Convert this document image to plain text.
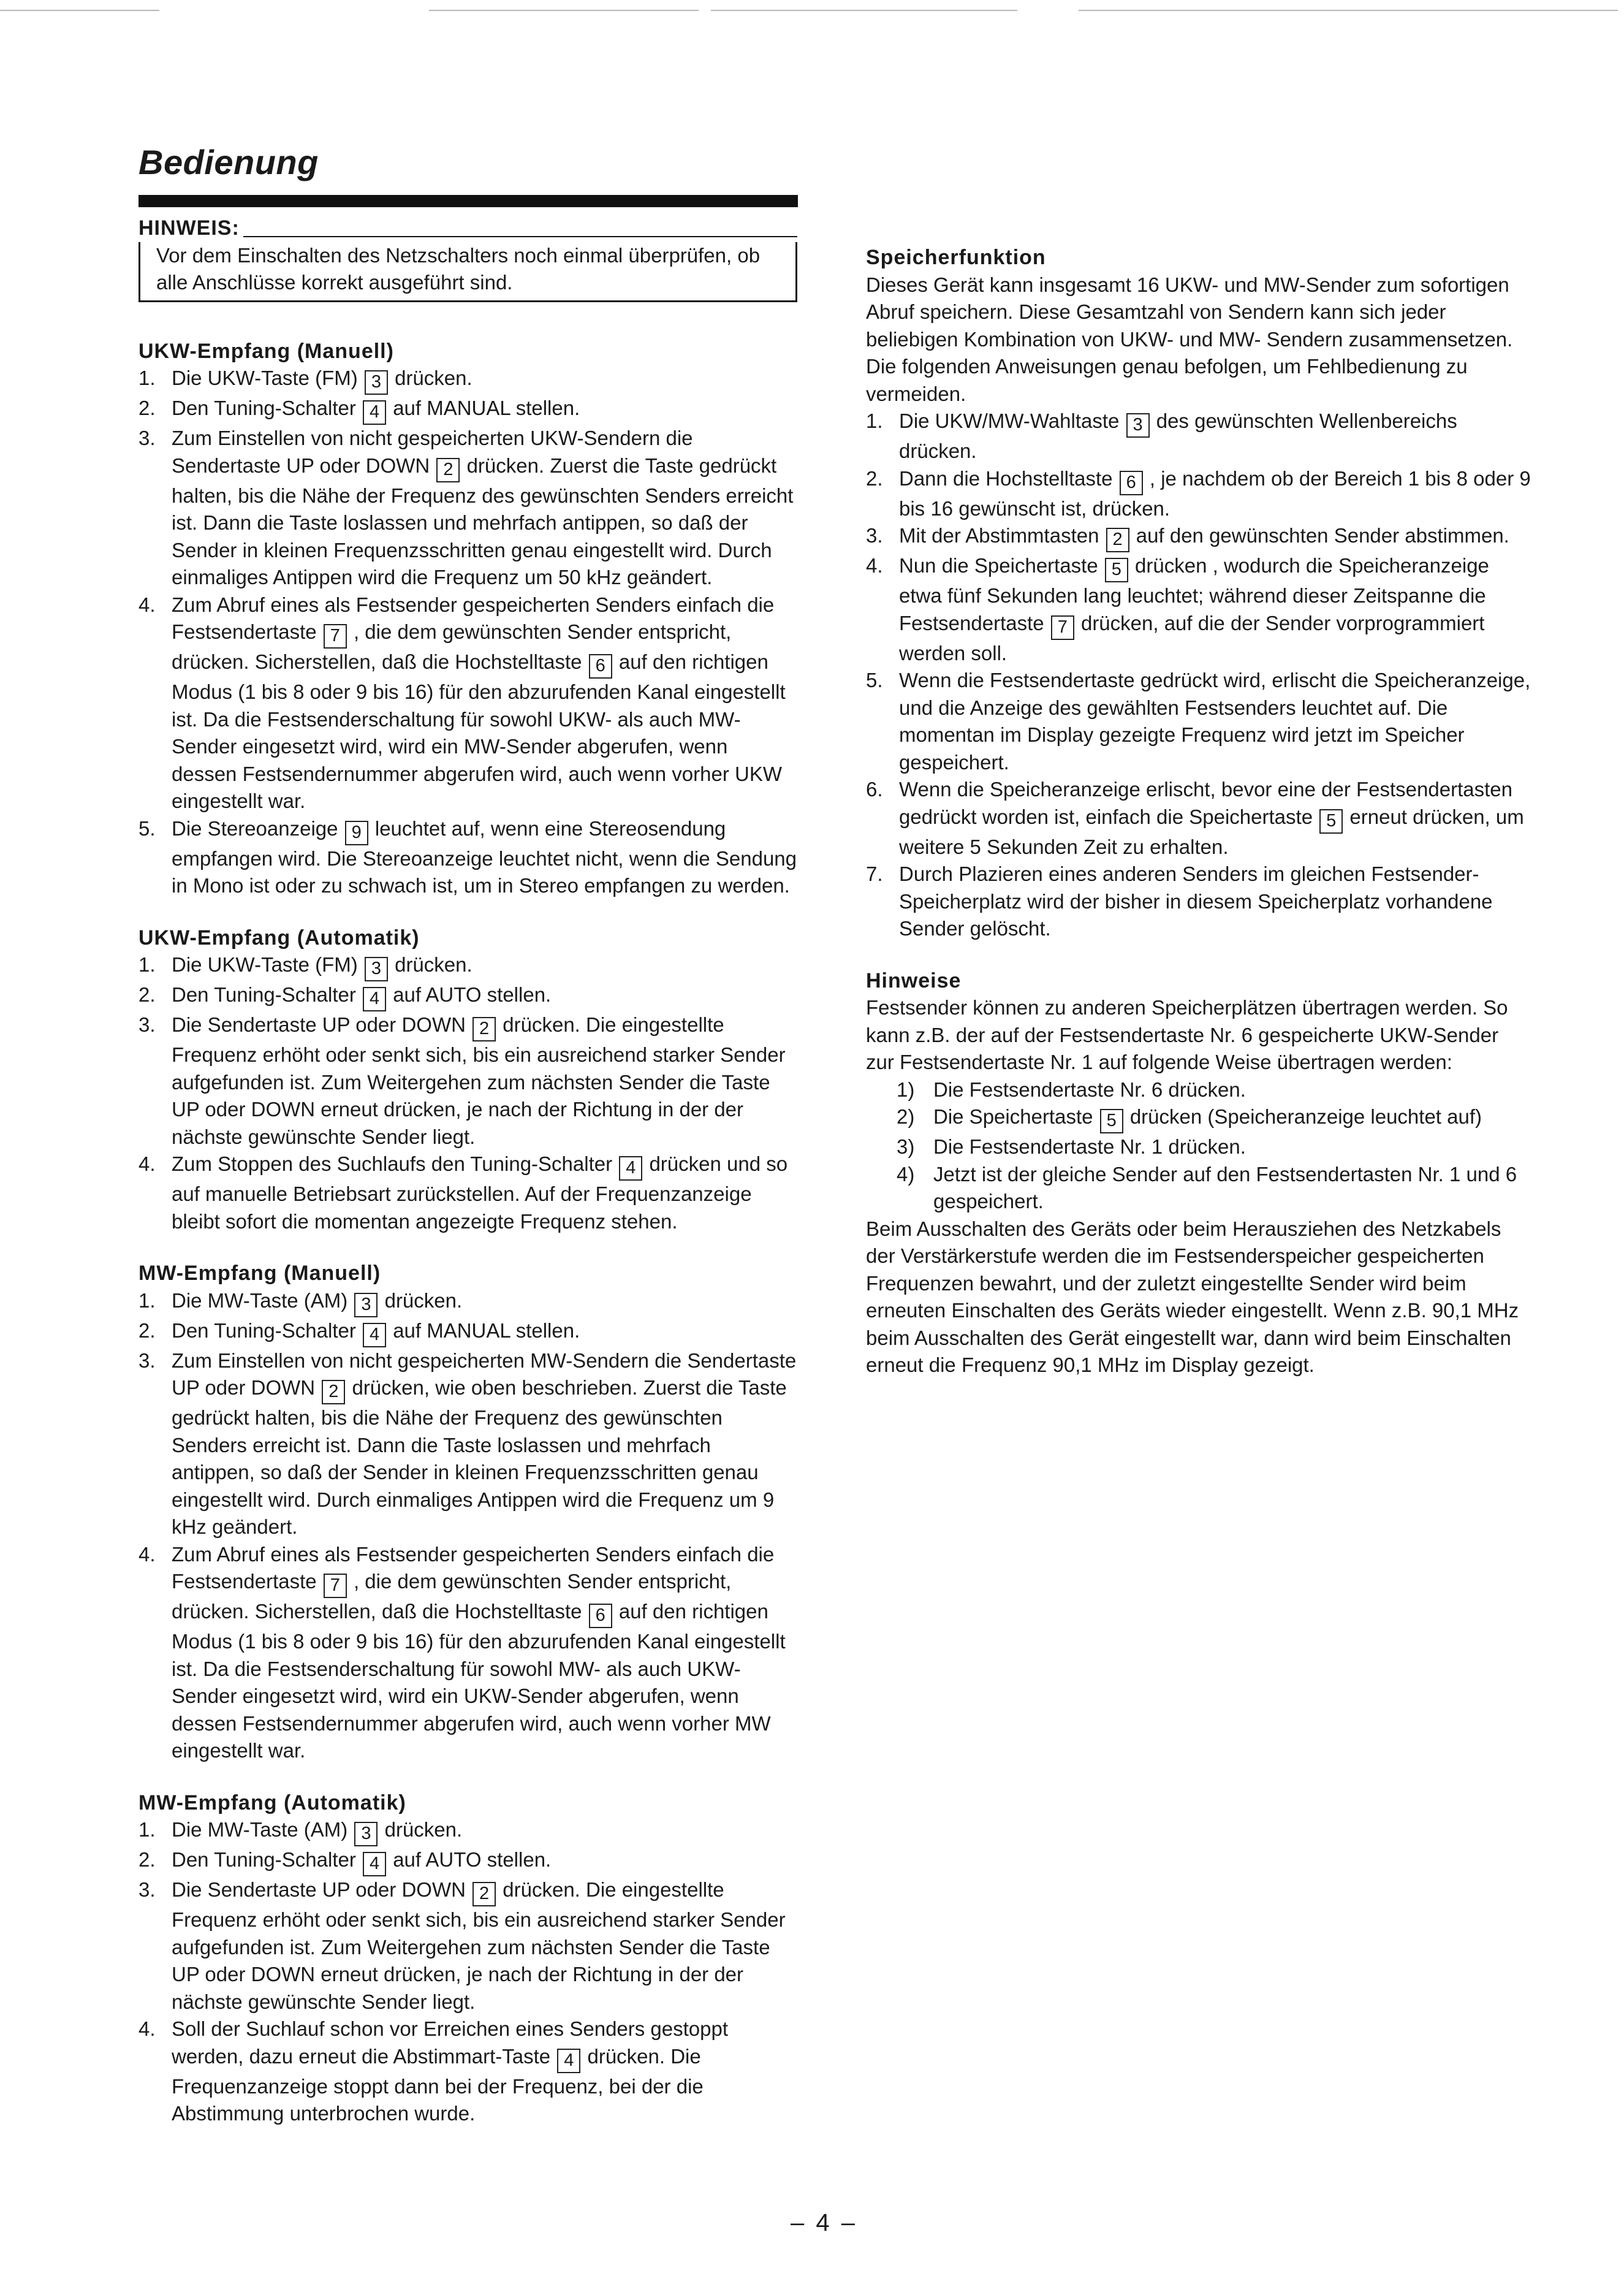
Bedienung
HINWEIS:

Vor dem Einschalten des Netzschalters noch einmal überprüfen, ob alle Anschlüsse korrekt ausgeführt sind.

UKW-Empfang (Manuell)
1. Die UKW-Taste (FM) 3 drücken.
2. Den Tuning-Schalter 4 auf MANUAL stellen.
3. Zum Einstellen von nicht gespeicherten UKW-Sendern die Sendertaste UP oder DOWN 2 drücken. Zuerst die Taste gedrückt halten, bis die Nähe der Frequenz des gewünschten Senders erreicht ist. Dann die Taste loslassen und mehrfach antippen, so daß der Sender in kleinen Frequenzsschritten genau eingestellt wird. Durch einmaliges Antippen wird die Frequenz um 50 kHz geändert.
4. Zum Abruf eines als Festsender gespeicherten Senders einfach die Festsendertaste 7 , die dem gewünschten Sender entspricht, drücken. Sicherstellen, daß die Hochstelltaste 6 auf den richtigen Modus (1 bis 8 oder 9 bis 16) für den abzurufenden Kanal eingestellt ist. Da die Festsenderschaltung für sowohl UKW- als auch MW-Sender eingesetzt wird, wird ein MW-Sender abgerufen, wenn dessen Festsendernummer abgerufen wird, auch wenn vorher UKW eingestellt war.
5. Die Stereoanzeige 9 leuchtet auf, wenn eine Stereosendung empfangen wird. Die Stereoanzeige leuchtet nicht, wenn die Sendung in Mono ist oder zu schwach ist, um in Stereo empfangen zu werden.
UKW-Empfang (Automatik)
1. Die UKW-Taste (FM) 3 drücken.
2. Den Tuning-Schalter 4 auf AUTO stellen.
3. Die Sendertaste UP oder DOWN 2 drücken. Die eingestellte Frequenz erhöht oder senkt sich, bis ein ausreichend starker Sender aufgefunden ist. Zum Weitergehen zum nächsten Sender die Taste UP oder DOWN erneut drücken, je nach der Richtung in der der nächste gewünschte Sender liegt.
4. Zum Stoppen des Suchlaufs den Tuning-Schalter 4 drücken und so auf manuelle Betriebsart zurückstellen. Auf der Frequenzanzeige bleibt sofort die momentan angezeigte Frequenz stehen.
MW-Empfang (Manuell)
1. Die MW-Taste (AM) 3 drücken.
2. Den Tuning-Schalter 4 auf MANUAL stellen.
3. Zum Einstellen von nicht gespeicherten MW-Sendern die Sendertaste UP oder DOWN 2 drücken, wie oben beschrieben. Zuerst die Taste gedrückt halten, bis die Nähe der Frequenz des gewünschten Senders erreicht ist. Dann die Taste loslassen und mehrfach antippen, so daß der Sender in kleinen Frequenzsschritten genau eingestellt wird. Durch einmaliges Antippen wird die Frequenz um 9 kHz geändert.
4. Zum Abruf eines als Festsender gespeicherten Senders einfach die Festsendertaste 7 , die dem gewünschten Sender entspricht, drücken. Sicherstellen, daß die Hochstelltaste 6 auf den richtigen Modus (1 bis 8 oder 9 bis 16) für den abzurufenden Kanal eingestellt ist. Da die Festsenderschaltung für sowohl MW- als auch UKW-Sender eingesetzt wird, wird ein UKW-Sender abgerufen, wenn dessen Festsendernummer abgerufen wird, auch wenn vorher MW eingestellt war.
MW-Empfang (Automatik)
1. Die MW-Taste (AM) 3 drücken.
2. Den Tuning-Schalter 4 auf AUTO stellen.
3. Die Sendertaste UP oder DOWN 2 drücken. Die eingestellte Frequenz erhöht oder senkt sich, bis ein ausreichend starker Sender aufgefunden ist. Zum Weitergehen zum nächsten Sender die Taste UP oder DOWN erneut drücken, je nach der Richtung in der der nächste gewünschte Sender liegt.
4. Soll der Suchlauf schon vor Erreichen eines Senders gestoppt werden, dazu erneut die Abstimmart-Taste 4 drücken. Die Frequenzanzeige stoppt dann bei der Frequenz, bei der die Abstimmung unterbrochen wurde.
Speicherfunktion

Dieses Gerät kann insgesamt 16 UKW- und MW-Sender zum sofortigen Abruf speichern. Diese Gesamtzahl von Sendern kann sich jeder beliebigen Kombination von UKW- und MW- Sendern zusammensetzen. Die folgenden Anweisungen genau befolgen, um Fehlbedienung zu vermeiden.

1. Die UKW/MW-Wahltaste 3 des gewünschten Wellenbereichs drücken.
2. Dann die Hochstelltaste 6 , je nachdem ob der Bereich 1 bis 8 oder 9 bis 16 gewünscht ist, drücken.
3. Mit der Abstimmtasten 2 auf den gewünschten Sender abstimmen.
4. Nun die Speichertaste 5 drücken , wodurch die Speicheranzeige etwa fünf Sekunden lang leuchtet; während dieser Zeitspanne die Festsendertaste 7 drücken, auf die der Sender vorprogrammiert werden soll.
5. Wenn die Festsendertaste gedrückt wird, erlischt die Speicheranzeige, und die Anzeige des gewählten Festsenders leuchtet auf. Die momentan im Display gezeigte Frequenz wird jetzt im Speicher gespeichert.
6. Wenn die Speicheranzeige erlischt, bevor eine der Festsendertasten gedrückt worden ist, einfach die Speichertaste 5 erneut drücken, um weitere 5 Sekunden Zeit zu erhalten.
7. Durch Plazieren eines anderen Senders im gleichen Festsender-Speicherplatz wird der bisher in diesem Speicherplatz vorhandene Sender gelöscht.
Hinweise

Festsender können zu anderen Speicherplätzen übertragen werden. So kann z.B. der auf der Festsendertaste Nr. 6 gespeicherte UKW-Sender zur Festsendertaste Nr. 1 auf folgende Weise übertragen werden:

1) Die Festsendertaste Nr. 6 drücken.
2) Die Speichertaste 5 drücken (Speicheranzeige leuchtet auf)
3) Die Festsendertaste Nr. 1 drücken.
4) Jetzt ist der gleiche Sender auf den Festsendertasten Nr. 1 und 6 gespeichert.

Beim Ausschalten des Geräts oder beim Herausziehen des Netzkabels der Verstärkerstufe werden die im Festsenderspeicher gespeicherten Frequenzen bewahrt, und der zuletzt eingestellte Sender wird beim erneuten Einschalten des Geräts wieder eingestellt. Wenn z.B. 90,1 MHz beim Ausschalten des Gerät eingestellt war, dann wird beim Einschalten erneut die Frequenz 90,1 MHz im Display gezeigt.

– 4 –
